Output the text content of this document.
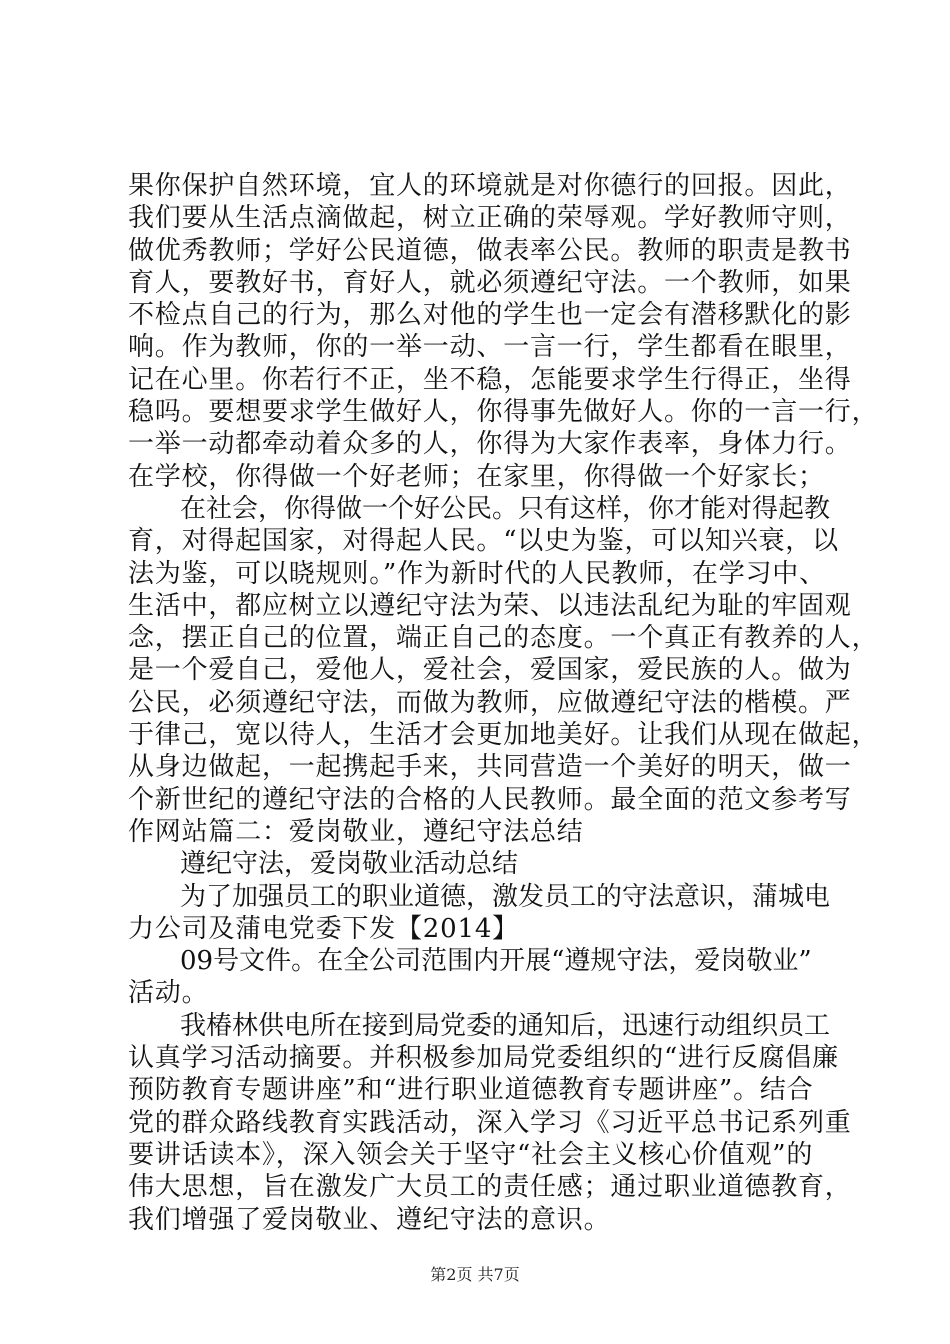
果你保护自然环境，宜人的环境就是对你德行的回报。因此，
我们要从生活点滴做起，树立正确的荣辱观。学好教师守则，
做优秀教师；学好公民道德，做表率公民。教师的职责是教书
育人，要教好书，育好人，就必须遵纪守法。一个教师，如果
不检点自己的行为，那么对他的学生也一定会有潜移默化的影
响。作为教师，你的一举一动、一言一行，学生都看在眼里，
记在心里。你若行不正，坐不稳，怎能要求学生行得正，坐得
稳吗。要想要求学生做好人，你得事先做好人。你的一言一行，
一举一动都牵动着众多的人，你得为大家作表率，身体力行。
在学校，你得做一个好老师；在家里，你得做一个好家长；
在社会，你得做一个好公民。只有这样，你才能对得起教
育，对得起国家，对得起人民。“以史为鉴，可以知兴衰，以
法为鉴，可以晓规则。”作为新时代的人民教师，在学习中、
生活中，都应树立以遵纪守法为荣、以违法乱纪为耻的牢固观
念，摆正自己的位置，端正自己的态度。一个真正有教养的人，
是一个爱自己，爱他人，爱社会，爱国家，爱民族的人。做为
公民，必须遵纪守法，而做为教师，应做遵纪守法的楷模。严
于律己，宽以待人，生活才会更加地美好。让我们从现在做起，
从身边做起，一起携起手来，共同营造一个美好的明天，做一
个新世纪的遵纪守法的合格的人民教师。最全面的范文参考写
作网站篇二：爱岗敬业，遵纪守法总结
遵纪守法，爱岗敬业活动总结
为了加强员工的职业道德，激发员工的守法意识，蒲城电
力公司及蒲电党委下发【2014】
09号文件。在全公司范围内开展“遵规守法，爱岗敬业”
活动。
我椿林供电所在接到局党委的通知后，迅速行动组织员工
认真学习活动摘要。并积极参加局党委组织的“进行反腐倡廉
预防教育专题讲座”和“进行职业道德教育专题讲座”。结合
党的群众路线教育实践活动，深入学习《习近平总书记系列重
要讲话读本》，深入领会关于坚守“社会主义核心价值观”的
伟大思想，旨在激发广大员工的责任感；通过职业道德教育，
我们增强了爱岗敬业、遵纪守法的意识。
第2页 共7页
